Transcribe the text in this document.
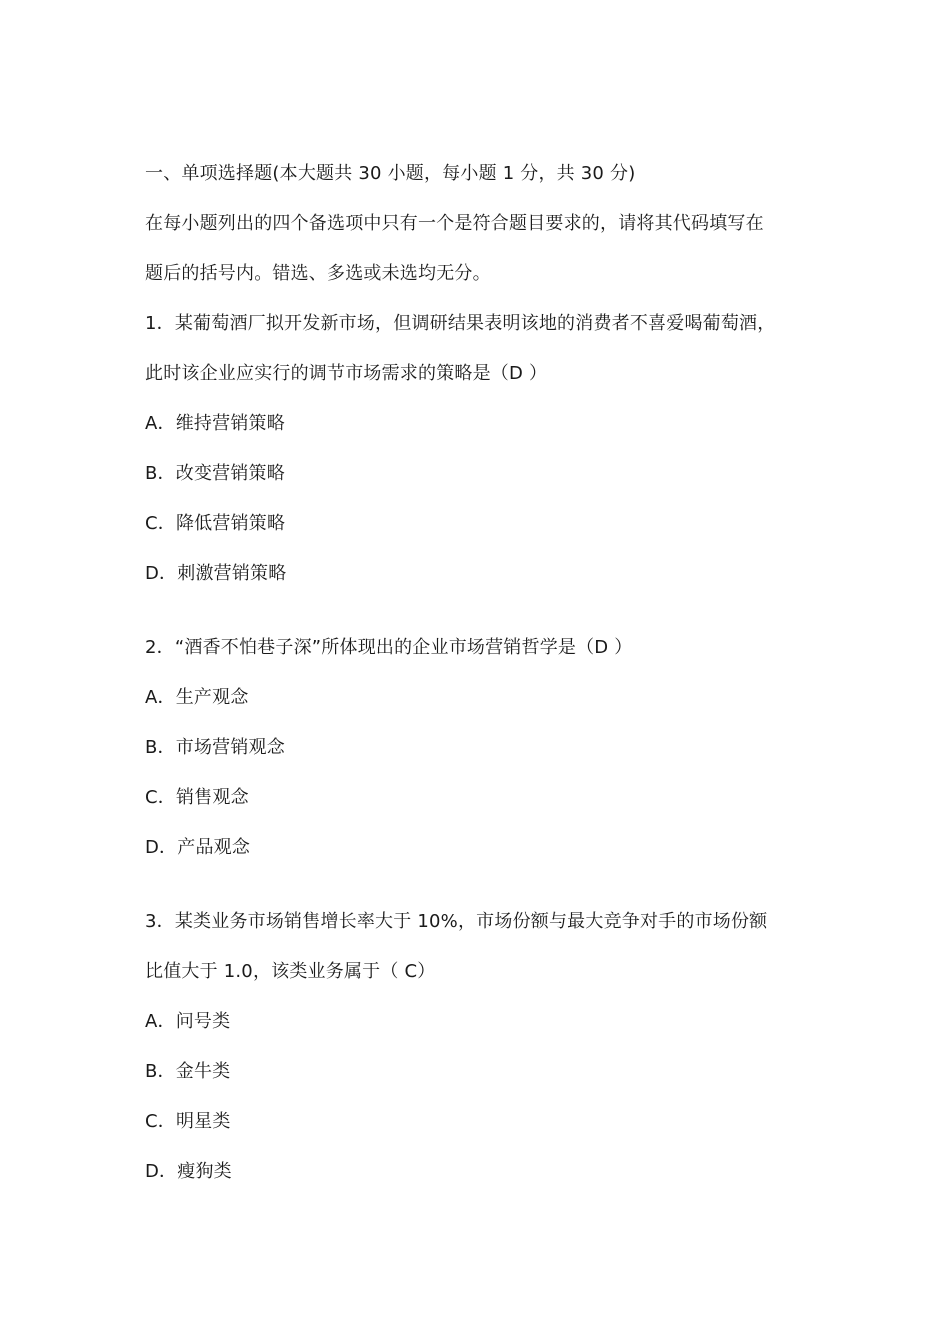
一、单项选择题(本大题共 30 小题，每小题 1 分，共 30 分)
在每小题列出的四个备选项中只有一个是符合题目要求的，请将其代码填写在
题后的括号内。错选、多选或未选均无分。
1．某葡萄酒厂拟开发新市场，但调研结果表明该地的消费者不喜爱喝葡萄酒，
此时该企业应实行的调节市场需求的策略是（D ）
A．维持营销策略
B．改变营销策略
C．降低营销策略
D．刺激营销策略
2．“酒香不怕巷子深”所体现出的企业市场营销哲学是（D ）
A．生产观念
B．市场营销观念
C．销售观念
D．产品观念
3．某类业务市场销售增长率大于 10%，市场份额与最大竞争对手的市场份额
比值大于 1.0，该类业务属于（ C）
A．问号类
B．金牛类
C．明星类
D．瘦狗类
